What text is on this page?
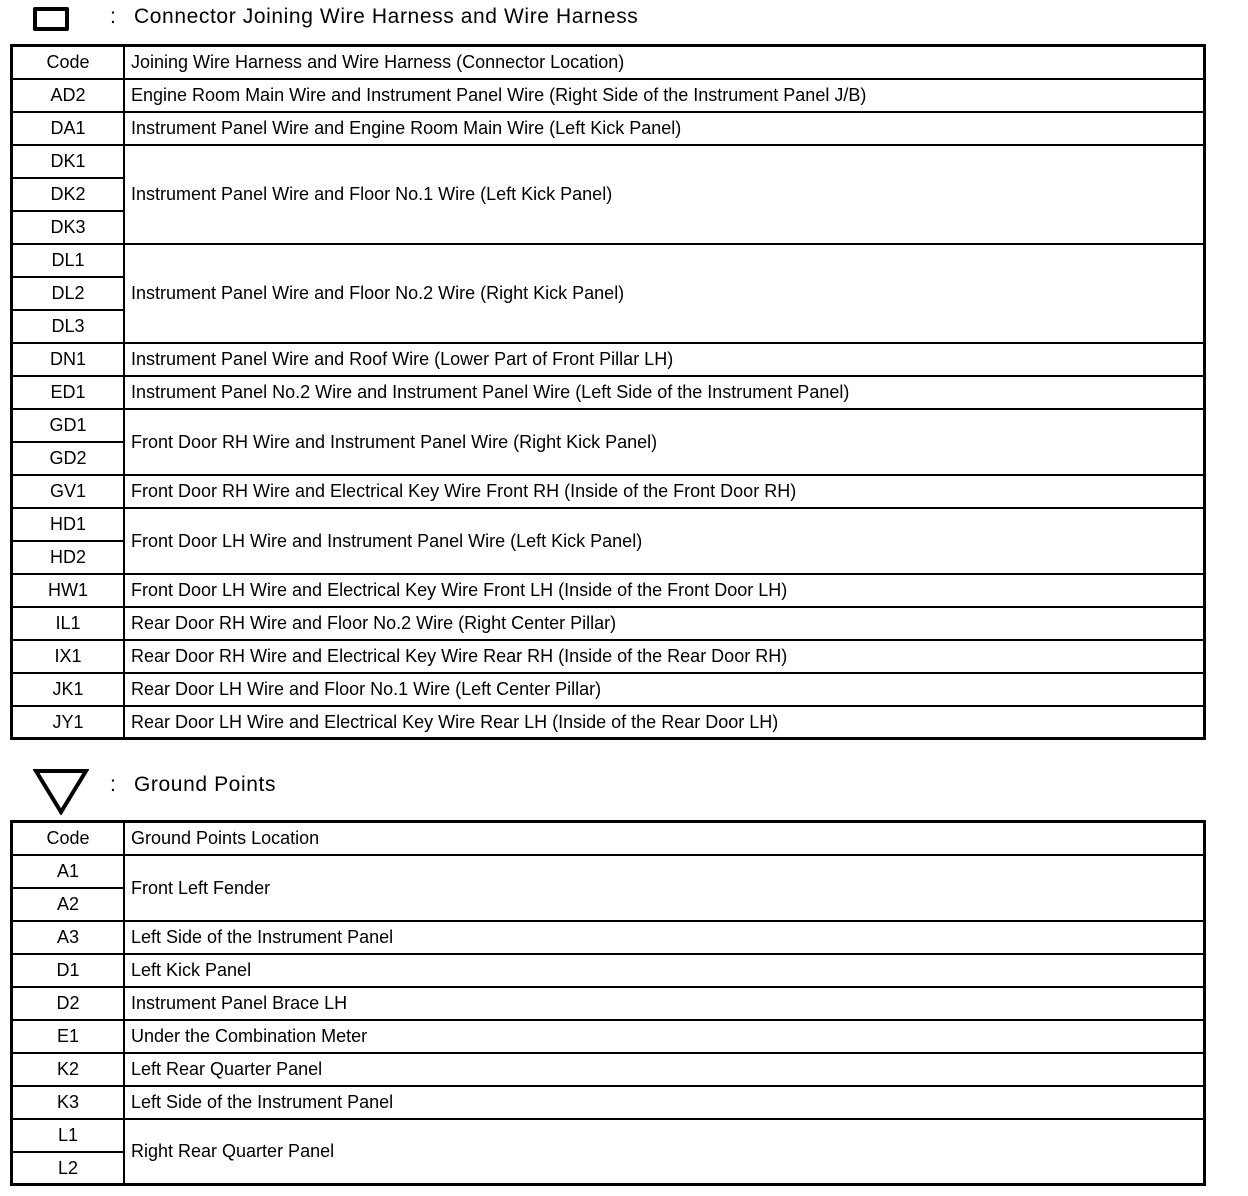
: Connector Joining Wire Harness and Wire Harness
Code	Joining Wire Harness and Wire Harness (Connector Location)
AD2	Engine Room Main Wire and Instrument Panel Wire (Right Side of the Instrument Panel J/B)
DA1	Instrument Panel Wire and Engine Room Main Wire (Left Kick Panel)
DK1	Instrument Panel Wire and Floor No.1 Wire (Left Kick Panel)
DK2	
DK3	
DL1	Instrument Panel Wire and Floor No.2 Wire (Right Kick Panel)
DL2	
DL3	
DN1	Instrument Panel Wire and Roof Wire (Lower Part of Front Pillar LH)
ED1	Instrument Panel No.2 Wire and Instrument Panel Wire (Left Side of the Instrument Panel)
GD1	Front Door RH Wire and Instrument Panel Wire (Right Kick Panel)
GD2	
GV1	Front Door RH Wire and Electrical Key Wire Front RH (Inside of the Front Door RH)
HD1	Front Door LH Wire and Instrument Panel Wire (Left Kick Panel)
HD2	
HW1	Front Door LH Wire and Electrical Key Wire Front LH (Inside of the Front Door LH)
IL1	Rear Door RH Wire and Floor No.2 Wire (Right Center Pillar)
IX1	Rear Door RH Wire and Electrical Key Wire Rear RH (Inside of the Rear Door RH)
JK1	Rear Door LH Wire and Floor No.1 Wire (Left Center Pillar)
JY1	Rear Door LH Wire and Electrical Key Wire Rear LH (Inside of the Rear Door LH)
: Ground Points
Code	Ground Points Location
A1	Front Left Fender
A2	
A3	Left Side of the Instrument Panel
D1	Left Kick Panel
D2	Instrument Panel Brace LH
E1	Under the Combination Meter
K2	Left Rear Quarter Panel
K3	Left Side of the Instrument Panel
L1	Right Rear Quarter Panel
L2	
